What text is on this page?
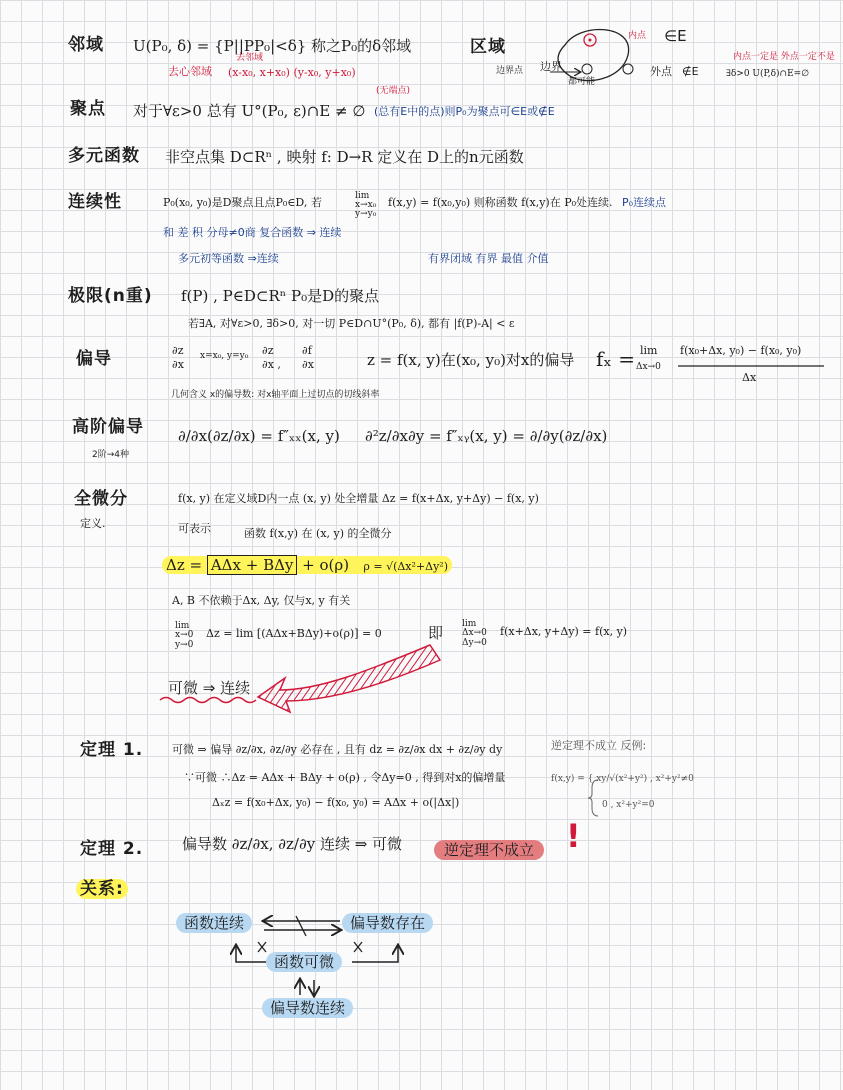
邻域 U(P₀, δ) = {P||PP₀|<δ} 称之P₀的δ邻域
去心邻域 (x-x₀, x+x₀) (y-x₀, y+x₀)
去邻域
(无端点)
区域
内点 ∈E
边界点 边界
都可能
外点 ∉E
内点一定是 外点一定不是
∃δ>0 U(P,δ)∩E=∅
聚点 对于∀ε>0 总有 U°(P₀, ε)∩E ≠ ∅ (总有E中的点)则P₀为聚点可∈E或∉E
多元函数 非空点集 D⊂Rⁿ , 映射 f: D→R 定义在 D上的n元函数
连续性	P₀(x₀, y₀)是D聚点且点P₀∈D, 若	lim
x→x₀
y→y₀
f(x,y) = f(x₀,y₀) 则称函数 f(x,y)在 P₀处连续. P₀连续点
和 差 积 分母≠0商 复合函数 ⇒ 连续
多元初等函数 ⇒连续	有界闭域 有界 最值 介值
极限(n重) f(P) , P∈D⊂Rⁿ P₀是D的聚点
若∃A, 对∀ε>0, ∃δ>0, 对一切 P∈D∩U°(P₀, δ), 都有 |f(P)-A| < ε
偏导	∂z
∂x
x=x₀, y=y₀ ∂z
∂x ,
∂f
∂x	z = f(x, y)在(x₀, y₀)对x的偏导 fₓ = lim
Δx→0
f(x₀+Δx, y₀) − f(x₀, y₀)
Δx
几何含义 x的偏导数: 对x轴平面上过切点的切线斜率
高阶偏导
2阶→4种
∂/∂x(∂z/∂x) = f″ₓₓ(x, y) ∂²z/∂x∂y = f″ₓᵧ(x, y) = ∂/∂y(∂z/∂x)
全微分
定义.
f(x, y) 在定义域D内一点 (x, y) 处全增量 Δz = f(x+Δx, y+Δy) − f(x, y)
可表示	函数 f(x,y) 在 (x, y) 的全微分
Δz = AΔx + BΔy + o(ρ) ρ = √(Δx²+Δy²)
A, B 不依赖于Δx, Δy, 仅与x, y 有关
lim
x→0
y→0
Δz = lim [(AΔx+BΔy)+o(ρ)] = 0	即 lim
Δx→0
Δy→0
f(x+Δx, y+Δy) = f(x, y)
可微 ⇒ 连续
定理 1.	可微 ⇒ 偏导 ∂z/∂x, ∂z/∂y 必存在 , 且有 dz = ∂z/∂x dx + ∂z/∂y dy
∵可微 ∴Δz = AΔx + BΔy + o(ρ) , 令Δy=0 , 得到对x的偏增量
Δₓz = f(x₀+Δx, y₀) − f(x₀, y₀) = AΔx + o(|Δx|)
逆定理不成立 反例:
f(x,y) = { xy/√(x²+y²) , x²+y²≠0
0 , x²+y²=0
定理 2.	偏导数 ∂z/∂x, ∂z/∂y 连续 ⇒ 可微	逆定理不成立 !
关系:
函数连续	偏导数存在
函数可微
偏导数连续
